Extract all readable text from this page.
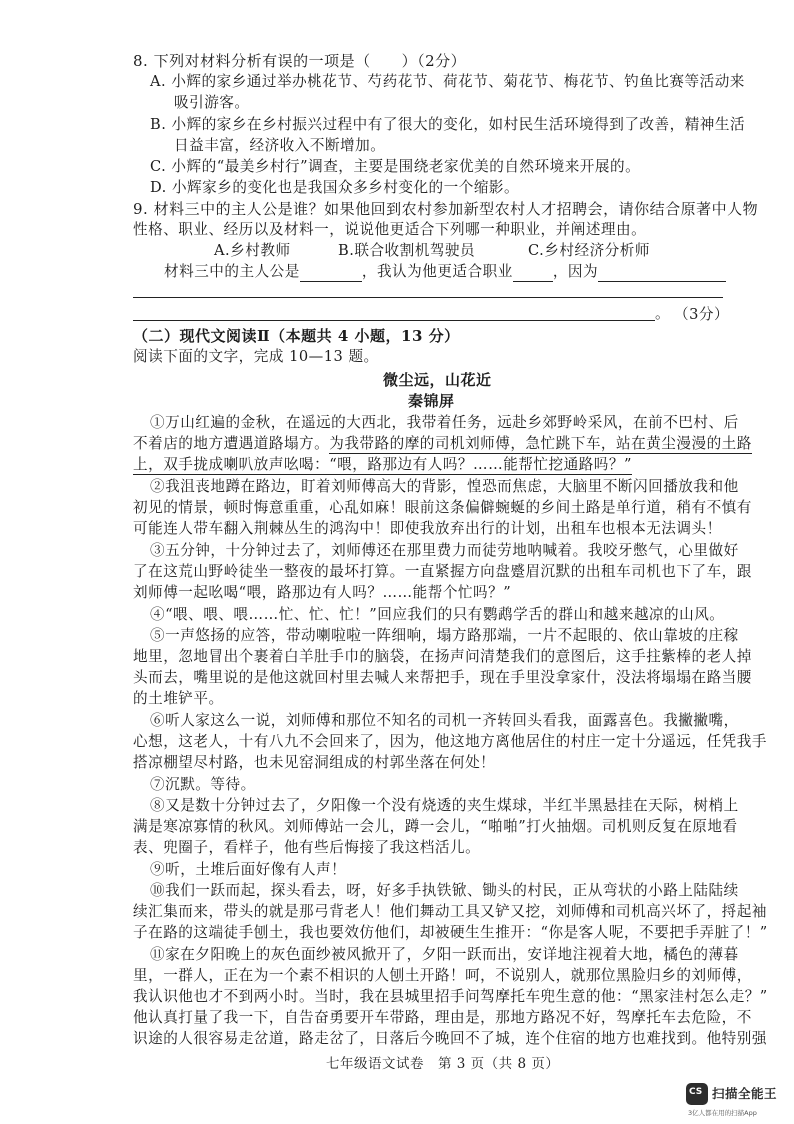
8. 下列对材料分析有误的一项是（　　）（2分）
A. 小辉的家乡通过举办桃花节、芍药花节、荷花节、菊花节、梅花节、钓鱼比赛等活动来
吸引游客。
B. 小辉的家乡在乡村振兴过程中有了很大的变化，如村民生活环境得到了改善，精神生活
日益丰富，经济收入不断增加。
C. 小辉的“最美乡村行”调查，主要是围绕老家优美的自然环境来开展的。
D. 小辉家乡的变化也是我国众多乡村变化的一个缩影。
9. 材料三中的主人公是谁？如果他回到农村参加新型农村人才招聘会，请你结合原著中人物
性格、职业、经历以及材料一，说说他更适合下列哪一种职业，并阐述理由。
A.乡村教师	B.联合收割机驾驶员	C.乡村经济分析师
材料三中的主人公是	，我认为他更适合职业	，因为
。 （3分）
（二）现代文阅读Ⅱ（本题共 4 小题，13 分）
阅读下面的文字，完成 10—13 题。
微尘远，山花近
秦锦屏
①万山红遍的金秋，在遥远的大西北，我带着任务，远赴乡郊野岭采风，在前不巴村、后
不着店的地方遭遇道路塌方。为我带路的摩的司机刘师傅，急忙跳下车，站在黄尘漫漫的土路
上，双手拢成喇叭放声吆喝：“喂，路那边有人吗？……能帮忙挖通路吗？”
②我沮丧地蹲在路边，盯着刘师傅高大的背影，惶恐而焦虑，大脑里不断闪回播放我和他
初见的情景，顿时悔意重重，心乱如麻！眼前这条偏僻蜿蜒的乡间土路是单行道，稍有不慎有
可能连人带车翻入荆棘丛生的鸿沟中！即使我放弃出行的计划，出租车也根本无法调头！
③五分钟，十分钟过去了，刘师傅还在那里费力而徒劳地呐喊着。我咬牙憋气，心里做好
了在这荒山野岭徒坐一整夜的最坏打算。一直紧握方向盘蹙眉沉默的出租车司机也下了车，跟
刘师傅一起吆喝“喂，路那边有人吗？……能帮个忙吗？”
④“喂、喂、喂……忙、忙、忙！”回应我们的只有鹦鹉学舌的群山和越来越凉的山风。
⑤一声悠扬的应答，带动喇啦啦一阵细响，塌方路那端，一片不起眼的、依山靠坡的庄稼
地里，忽地冒出个裹着白羊肚手巾的脑袋，在扬声问清楚我们的意图后，这手拄紫棒的老人掉
头而去，嘴里说的是他这就回村里去喊人来帮把手，现在手里没拿家什，没法将塌塌在路当腰
的土堆铲平。
⑥听人家这么一说，刘师傅和那位不知名的司机一齐转回头看我，面露喜色。我撇撇嘴，
心想，这老人，十有八九不会回来了，因为，他这地方离他居住的村庄一定十分遥远，任凭我手
搭凉棚望尽村路，也未见窑洞组成的村郭坐落在何处！
⑦沉默。等待。
⑧又是数十分钟过去了，夕阳像一个没有烧透的夹生煤球，半红半黑悬挂在天际，树梢上
满是寒凉寡情的秋风。刘师傅站一会儿，蹲一会儿，“啪啪”打火抽烟。司机则反复在原地看
表、兜圈子，看样子，他有些后悔接了我这档活儿。
⑨听，土堆后面好像有人声！
⑩我们一跃而起，探头看去，呀，好多手执铁锨、锄头的村民，正从弯状的小路上陆陆续
续汇集而来，带头的就是那弓背老人！他们舞动工具又铲又挖，刘师傅和司机高兴坏了，捋起袖
子在路的这端徒手刨土，我也要效仿他们，却被硬生生推开：“你是客人呢，不要把手弄脏了！”
⑪家在夕阳晚上的灰色面纱被风掀开了，夕阳一跃而出，安详地注视着大地，橘色的薄暮
里，一群人，正在为一个素不相识的人刨土开路！呵，不说别人，就那位黑脸归乡的刘师傅，
我认识他也才不到两小时。当时，我在县城里招手问驾摩托车兜生意的他：“黑家洼村怎么走？”
他认真打量了我一下，自告奋勇要开车带路，理由是，那地方路况不好，驾摩托车去危险，不
识途的人很容易走岔道，路走岔了，日落后今晚回不了城，连个住宿的地方也难找到。他特别强
七年级语文试卷　第 3 页（共 8 页）
CS 扫描全能王
3亿人都在用的扫描App
